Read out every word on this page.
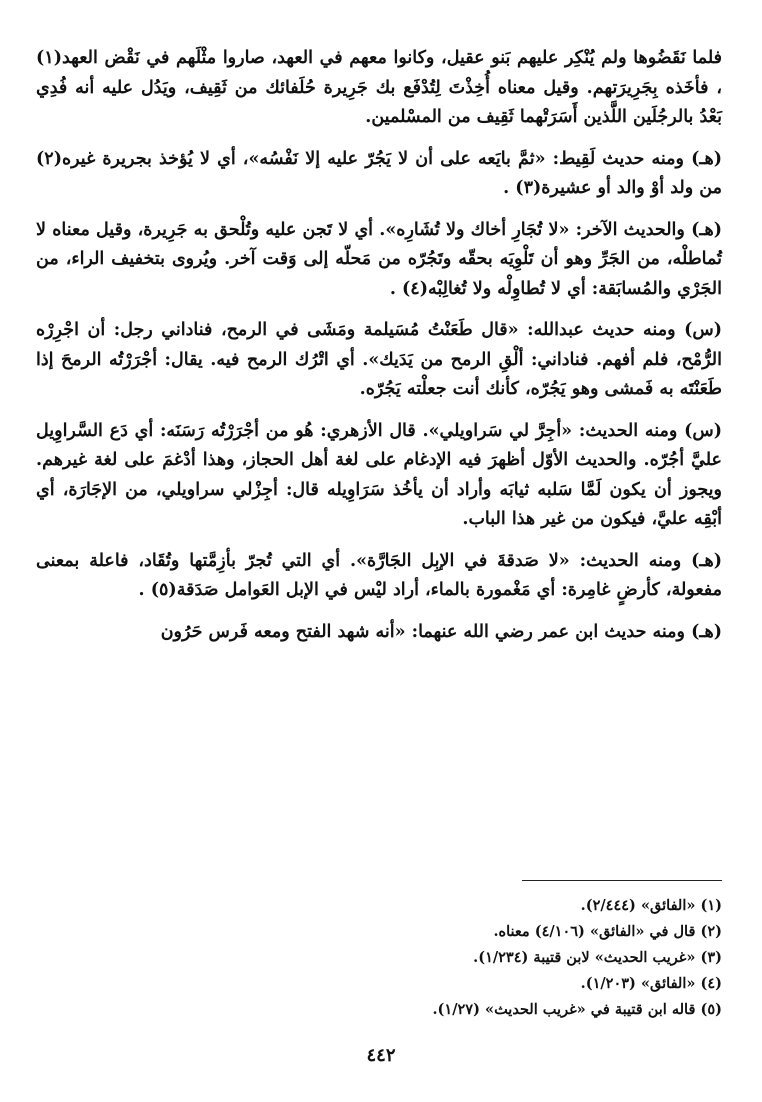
فلما نَقَضُوها ولم يُنْكِر عليهم بَنو عقيل، وكانوا معهم في العهد، صاروا مثْلَهم في نَقْض العهد(١) ، فأخَذه بِجَرِيرَتهم. وقيل معناه أُخِذْتَ لِتُدْفَع بك جَرِيرة حُلَفائك من ثَقِيف، ويَدُل عليه أنه فُدِي بَعْدُ بالرجُلَين اللَّذين أَسَرَتْهما ثَقِيف من المسْلمين.

(هـ) ومنه حديث لَقِيط: «ثمَّ بايَعه على أن لا يَجُرّ عليه إلا نَفْسُه»، أي لا يُؤخذ بجريرة غيره(٢) من ولد أوْ والد أو عشيرة(٣) .

(هـ) والحديث الآخر: «لا تُجَارِ أخاك ولا تُشَارِه». أي لا تَجن عليه وتُلْحق به جَرِيرة، وقيل معناه لا تُماطلْه، من الجَرِّ وهو أن تَلْوِيَه بحقّه وتَجُرّه من مَحلّه إلى وَقت آخر. ويُروى بتخفيف الراء، من الجَرْي والمُسابَقة: أي لا تُطاوِلْه ولا تُغالِبْه(٤) .

(س) ومنه حديث عبدالله: «قال طَعَنْتُ مُسَيلمة ومَشَى في الرمح، فناداني رجل: أن اجْرِرْه الرُّمْح، فلم أفهم. فناداني: ألْقِ الرمح من يَدَيك». أي اتْرُك الرمح فيه. يقال: أجْرَرْتُه الرمحَ إذا طَعَنْتَه به فَمشى وهو يَجُرّه، كأنك أنت جعلْته يَجُرّه.

(س) ومنه الحديث: «أجِرَّ لي سَراويلي». قال الأزهري: هُو من أجْرَرْتُه رَسَنَه: أي دَع السَّراوِيل عليَّ أجُرّه. والحديث الأوّل أظهرَ فيه الإدغام على لغة أهل الحجاز، وهذا أدْغمَ على لغة غيرهم. ويجوز أن يكون لَمَّا سَلبه ثيابَه وأراد أن يأخُذ سَرَاوِيله قال: أجِزْلي سراويلي، من الإجَارَة، أي أبْقِه عليَّ، فيكون من غير هذا الباب.

(هـ) ومنه الحديث: «لا صَدقةَ في الإبِل الجَارَّة». أي التي تُجرّ بأزِمَّتها وتُقَاد، فاعلة بمعنى مفعولة، كأرضٍ غامِرة: أي مَغْمورة بالماء، أراد ليْس في الإبل العَوامل صَدَقة(٥) .

(هـ) ومنه حديث ابن عمر رضي الله عنهما: «أنه شهد الفتح ومعه فَرس حَرُون

(١) «الفائق» (٢/٤٤٤).

(٢) قال في «الفائق» (٤/١٠٦) معناه.

(٣) «غريب الحديث» لابن قتيبة (١/٢٣٤).

(٤) «الفائق» (١/٢٠٣).

(٥) قاله ابن قتيبة في «غريب الحديث» (١/٢٧).

٤٤٢
